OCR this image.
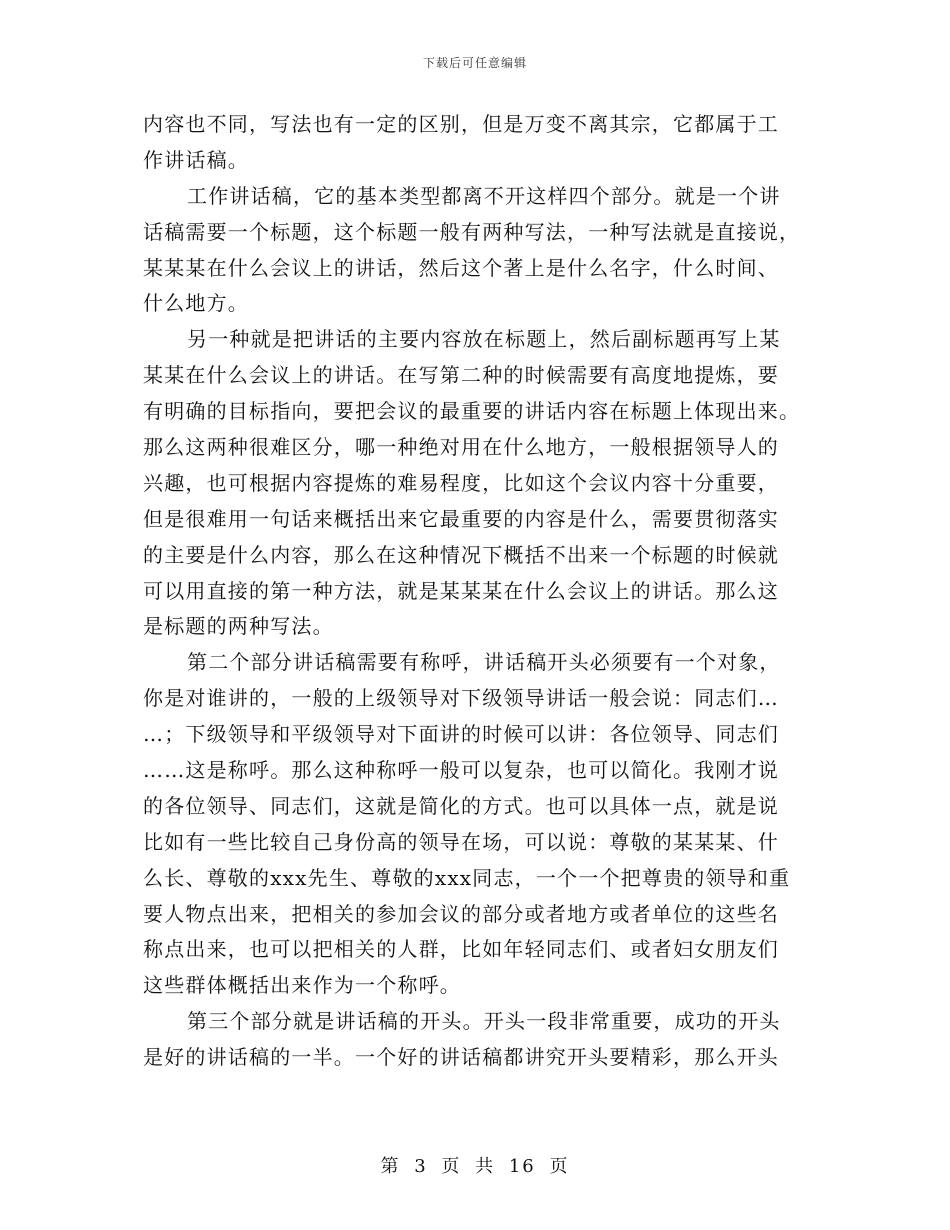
下载后可任意编辑
内容也不同，写法也有一定的区别，但是万变不离其宗，它都属于工
作讲话稿。
工作讲话稿，它的基本类型都离不开这样四个部分。就是一个讲
话稿需要一个标题，这个标题一般有两种写法，一种写法就是直接说，
某某某在什么会议上的讲话，然后这个著上是什么名字，什么时间、
什么地方。
另一种就是把讲话的主要内容放在标题上，然后副标题再写上某
某某在什么会议上的讲话。在写第二种的时候需要有高度地提炼，要
有明确的目标指向，要把会议的最重要的讲话内容在标题上体现出来。
那么这两种很难区分，哪一种绝对用在什么地方，一般根据领导人的
兴趣，也可根据内容提炼的难易程度，比如这个会议内容十分重要，
但是很难用一句话来概括出来它最重要的内容是什么，需要贯彻落实
的主要是什么内容，那么在这种情况下概括不出来一个标题的时候就
可以用直接的第一种方法，就是某某某在什么会议上的讲话。那么这
是标题的两种写法。
第二个部分讲话稿需要有称呼，讲话稿开头必须要有一个对象，
你是对谁讲的，一般的上级领导对下级领导讲话一般会说：同志们…
…；下级领导和平级领导对下面讲的时候可以讲：各位领导、同志们
……这是称呼。那么这种称呼一般可以复杂，也可以简化。我刚才说
的各位领导、同志们，这就是简化的方式。也可以具体一点，就是说
比如有一些比较自己身份高的领导在场，可以说：尊敬的某某某、什
么长、尊敬的xxx先生、尊敬的xxx同志，一个一个把尊贵的领导和重
要人物点出来，把相关的参加会议的部分或者地方或者单位的这些名
称点出来，也可以把相关的人群，比如年轻同志们、或者妇女朋友们
这些群体概括出来作为一个称呼。
第三个部分就是讲话稿的开头。开头一段非常重要，成功的开头
是好的讲话稿的一半。一个好的讲话稿都讲究开头要精彩，那么开头
第 3 页 共 16 页
